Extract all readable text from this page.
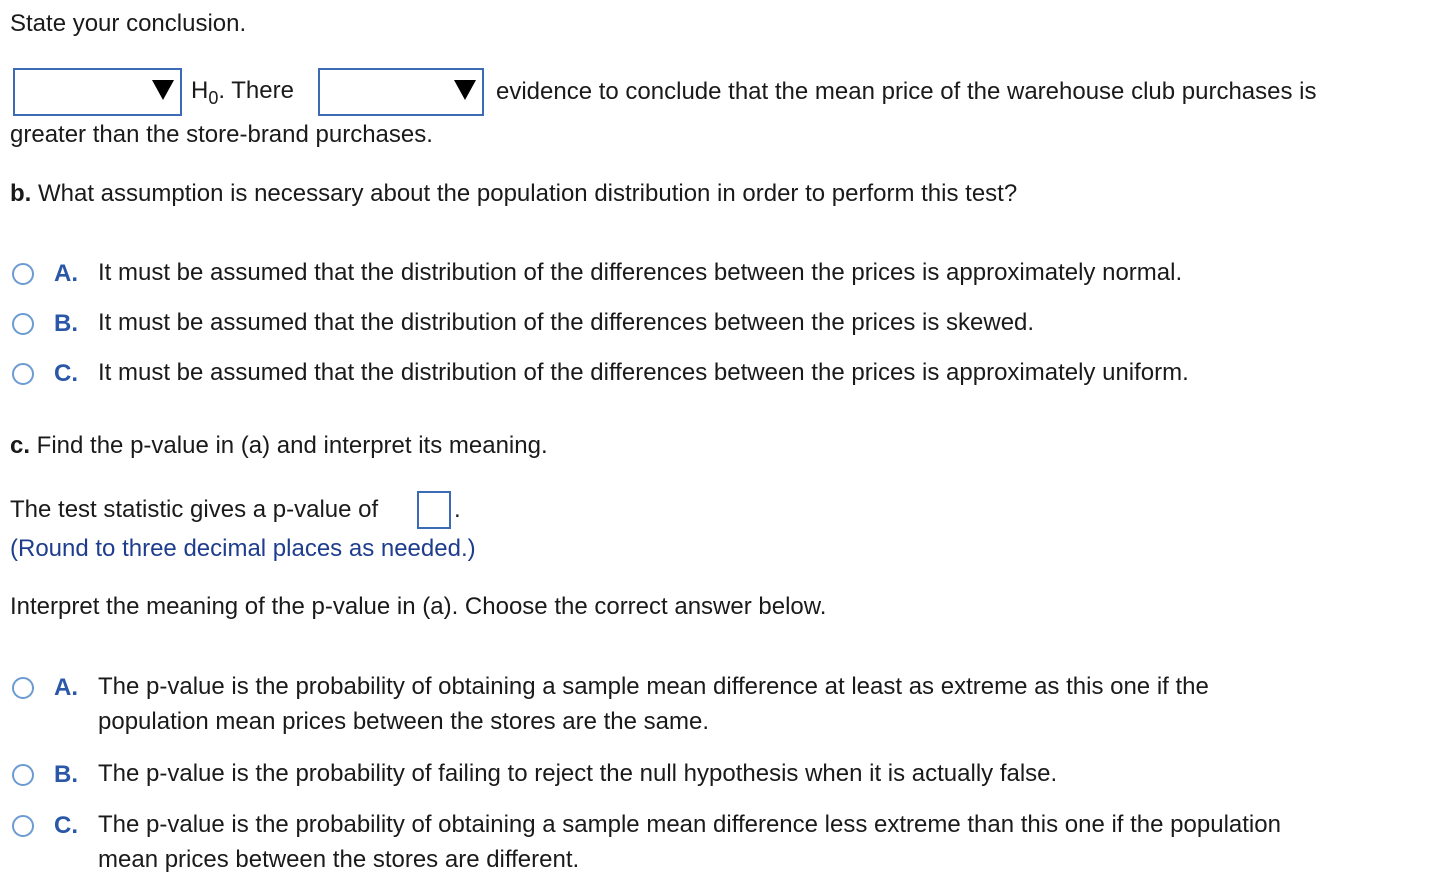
State your conclusion.
$H_0$. There	evidence to conclude that the mean price of the warehouse club purchases is
greater than the store-brand purchases.
b. What assumption is necessary about the population distribution in order to perform this test?
A. It must be assumed that the distribution of the differences between the prices is approximately normal.
B. It must be assumed that the distribution of the differences between the prices is skewed.
C. It must be assumed that the distribution of the differences between the prices is approximately uniform.
c. Find the p-value in (a) and interpret its meaning.
The test statistic gives a p-value of	.
(Round to three decimal places as needed.)
Interpret the meaning of the p-value in (a). Choose the correct answer below.
A. The p-value is the probability of obtaining a sample mean difference at least as extreme as this one if the
population mean prices between the stores are the same.
B. The p-value is the probability of failing to reject the null hypothesis when it is actually false.
C. The p-value is the probability of obtaining a sample mean difference less extreme than this one if the population
mean prices between the stores are different.
